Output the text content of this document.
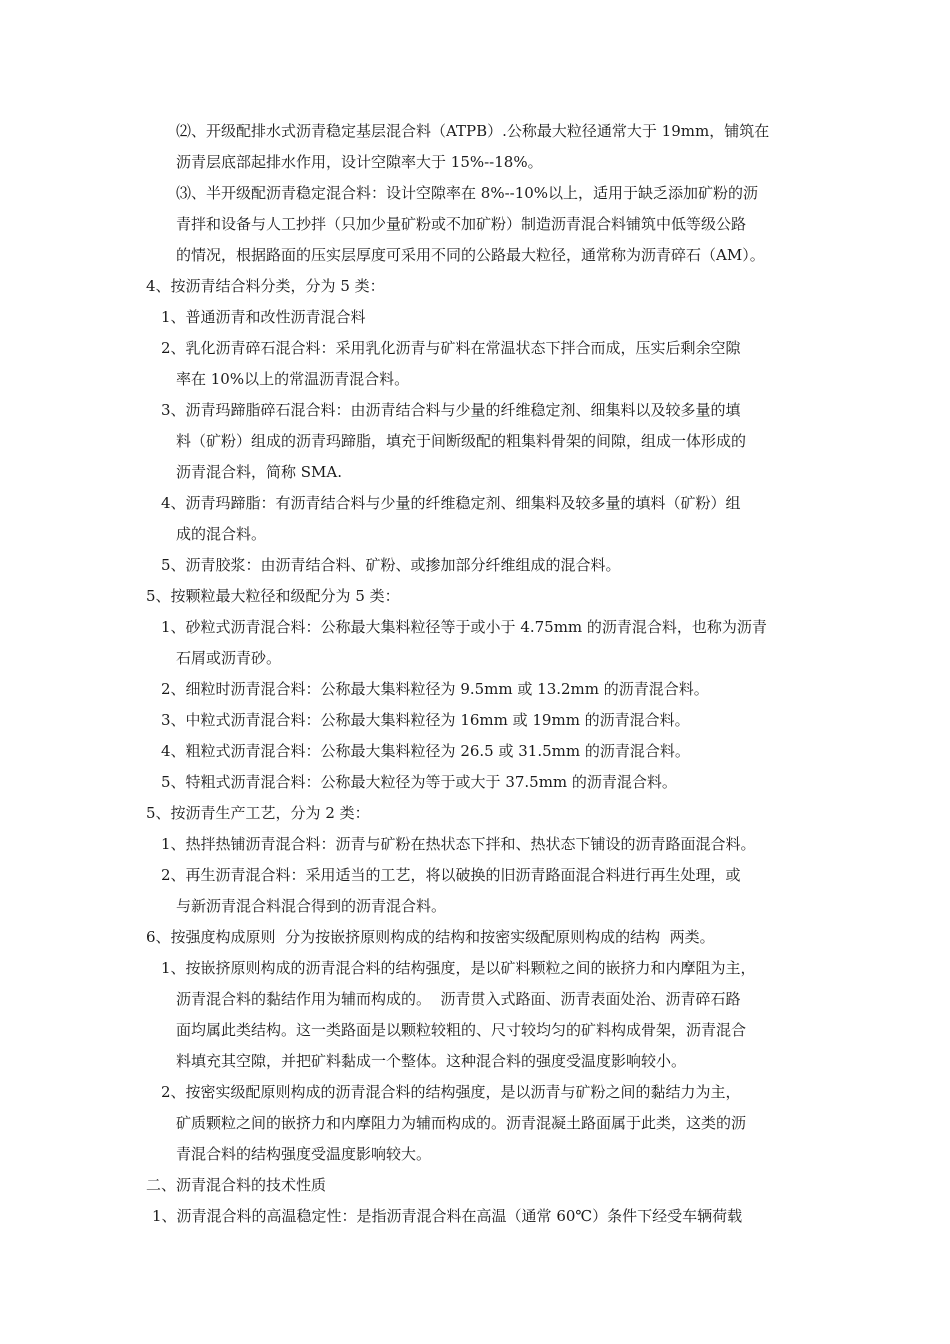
⑵、开级配排水式沥青稳定基层混合料（ATPB）.公称最大粒径通常大于 19mm，铺筑在
沥青层底部起排水作用，设计空隙率大于 15%--18%。
⑶、半开级配沥青稳定混合料：设计空隙率在 8%--10%以上，适用于缺乏添加矿粉的沥
青拌和设备与人工抄拌（只加少量矿粉或不加矿粉）制造沥青混合料铺筑中低等级公路
的情况，根据路面的压实层厚度可采用不同的公路最大粒径，通常称为沥青碎石（AM）。
4、按沥青结合料分类，分为 5 类：
1、普通沥青和改性沥青混合料
2、乳化沥青碎石混合料：采用乳化沥青与矿料在常温状态下拌合而成，压实后剩余空隙
率在 10%以上的常温沥青混合料。
3、沥青玛蹄脂碎石混合料：由沥青结合料与少量的纤维稳定剂、细集料以及较多量的填
料（矿粉）组成的沥青玛蹄脂，填充于间断级配的粗集料骨架的间隙，组成一体形成的
沥青混合料，简称 SMA.
4、沥青玛蹄脂：有沥青结合料与少量的纤维稳定剂、细集料及较多量的填料（矿粉）组
成的混合料。
5、沥青胶浆：由沥青结合料、矿粉、或掺加部分纤维组成的混合料。
5、按颗粒最大粒径和级配分为 5 类：
1、砂粒式沥青混合料：公称最大集料粒径等于或小于 4.75mm 的沥青混合料，也称为沥青
石屑或沥青砂。
2、细粒时沥青混合料：公称最大集料粒径为 9.5mm 或 13.2mm 的沥青混合料。
3、中粒式沥青混合料：公称最大集料粒径为 16mm 或 19mm 的沥青混合料。
4、粗粒式沥青混合料：公称最大集料粒径为 26.5 或 31.5mm 的沥青混合料。
5、特粗式沥青混合料：公称最大粒径为等于或大于 37.5mm 的沥青混合料。
5、按沥青生产工艺，分为 2 类：
1、热拌热铺沥青混合料：沥青与矿粉在热状态下拌和、热状态下铺设的沥青路面混合料。
2、再生沥青混合料：采用适当的工艺，将以破换的旧沥青路面混合料进行再生处理，或
与新沥青混合料混合得到的沥青混合料。
6、按强度构成原则  分为按嵌挤原则构成的结构和按密实级配原则构成的结构  两类。
1、按嵌挤原则构成的沥青混合料的结构强度，是以矿料颗粒之间的嵌挤力和内摩阻为主，
沥青混合料的黏结作用为辅而构成的。  沥青贯入式路面、沥青表面处治、沥青碎石路
面均属此类结构。这一类路面是以颗粒较粗的、尺寸较均匀的矿料构成骨架，沥青混合
料填充其空隙，并把矿料黏成一个整体。这种混合料的强度受温度影响较小。
2、按密实级配原则构成的沥青混合料的结构强度，是以沥青与矿粉之间的黏结力为主，
矿质颗粒之间的嵌挤力和内摩阻力为辅而构成的。沥青混凝土路面属于此类，这类的沥
青混合料的结构强度受温度影响较大。
二、沥青混合料的技术性质
1、沥青混合料的高温稳定性：是指沥青混合料在高温（通常 60℃）条件下经受车辆荷载
